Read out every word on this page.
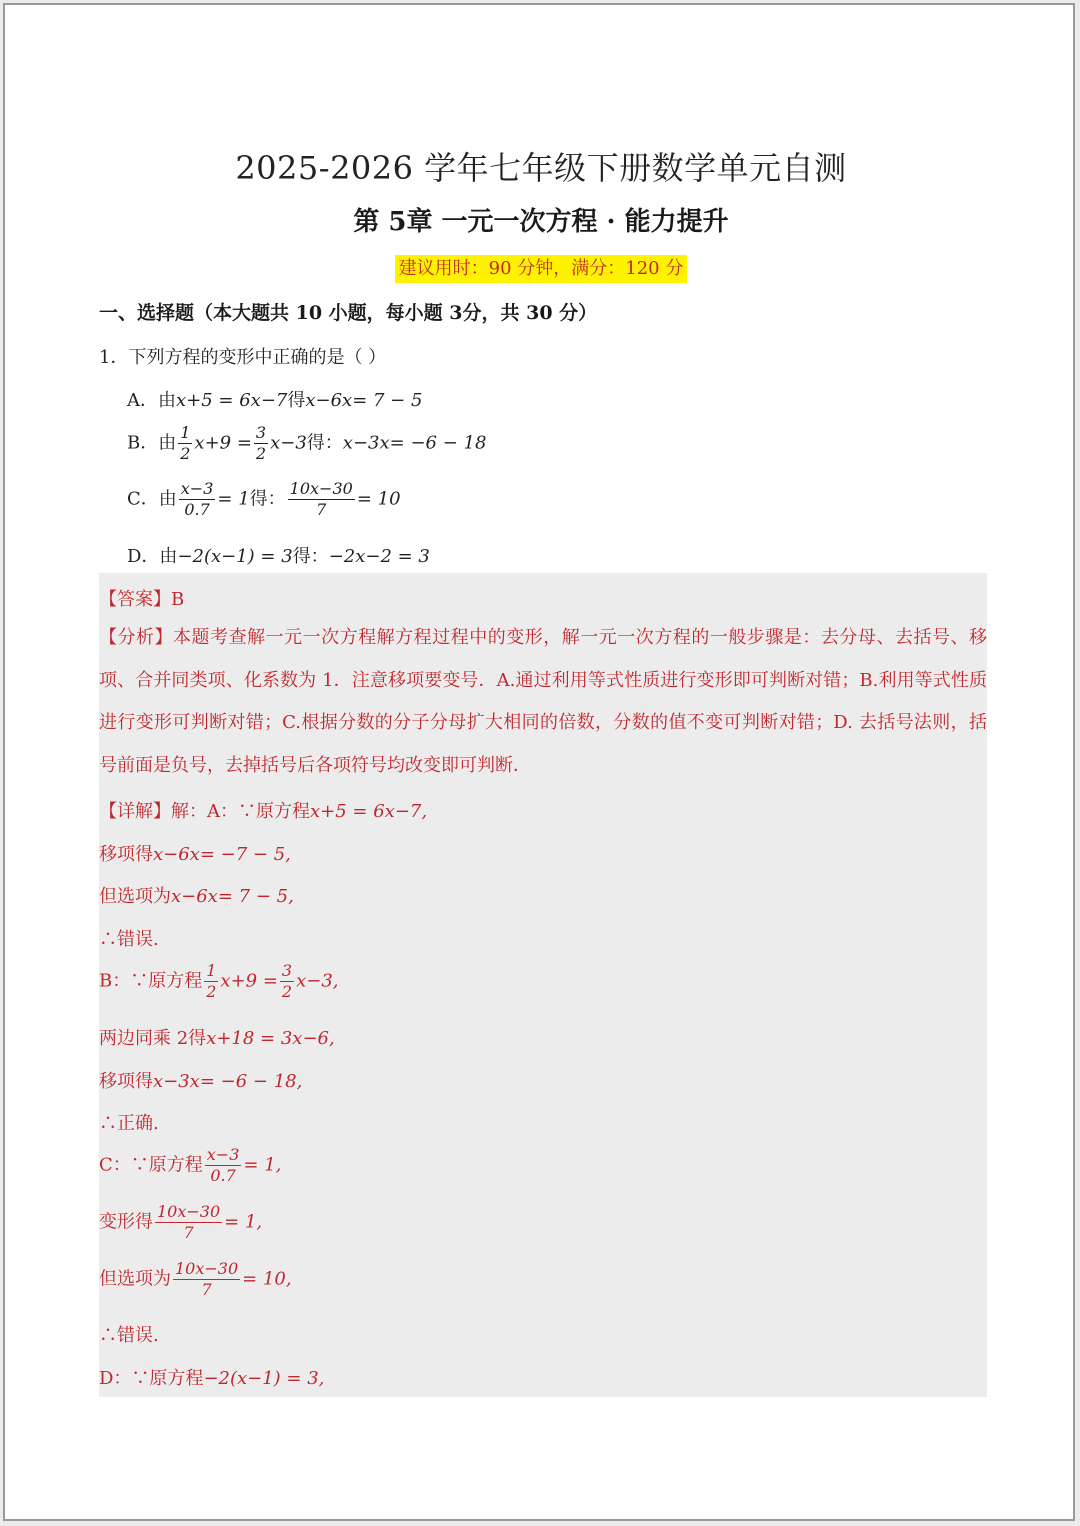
2025-2026 学年七年级下册数学单元自测
第 5章 一元一次方程 · 能力提升
建议用时：90 分钟，满分：120 分
一、选择题（本大题共 10 小题，每小题 3分，共 30 分）
1．下列方程的变形中正确的是（ ）
A．由x+5 = 6x−7得x−6x= 7 − 5
B．由 $\frac{1}{2} x+9 = \frac{3}{2} x-3$得：x−3x= −6 − 18
C．由 $\frac{x-3}{0.7} = 1$得： $\frac{10x-30}{7} = 10$
D．由−2(x−1) = 3得：−2x−2 = 3
【答案】B
【分析】本题考查解一元一次方程解方程过程中的变形，解一元一次方程的一般步骤是：去分母、去括号、移项、合并同类项、化系数为 1．注意移项要变号．A.通过利用等式性质进行变形即可判断对错；B.利用等式性质进行变形可判断对错；C.根据分数的分子分母扩大相同的倍数，分数的值不变可判断对错；D. 去括号法则，括号前面是负号，去掉括号后各项符号均改变即可判断．
【详解】解：A：∵原方程x+5 = 6x−7,
移项得x−6x= −7 − 5,
但选项为x−6x= 7 − 5,
∴错误.
B：∵原方程 $\frac{1}{2} x+9 = \frac{3}{2} x-3$,
两边同乘 2得x+18 = 3x−6,
移项得x−3x= −6 − 18,
∴正确.
C：∵原方程 $\frac{x-3}{0.7} = 1$,
变形得 $\frac{10x-30}{7} = 1$,
但选项为 $\frac{10x-30}{7} = 10$,
∴错误.
D：∵原方程−2(x−1) = 3,
